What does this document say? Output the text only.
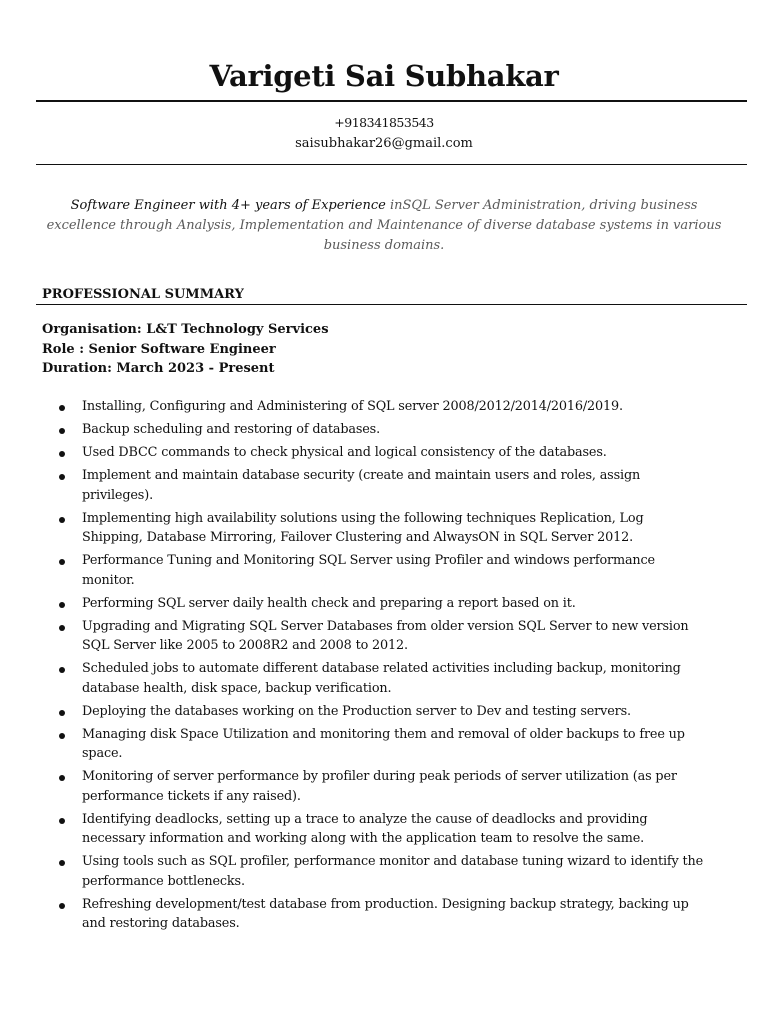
Varigeti Sai Subhakar
+918341853543
saisubhakar26@gmail.com

Software Engineer with 4+ years of Experience inSQL Server Administration, driving business excellence through Analysis, Implementation and Maintenance of diverse database systems in various business domains.

PROFESSIONAL SUMMARY
Organisation: L&T Technology Services
Role : Senior Software Engineer
Duration: March 2023 - Present
Installing, Configuring and Administering of SQL server 2008/2012/2014/2016/2019.
Backup scheduling and restoring of databases.
Used DBCC commands to check physical and logical consistency of the databases.
Implement and maintain database security (create and maintain users and roles, assign privileges).
Implementing high availability solutions using the following techniques Replication, Log Shipping, Database Mirroring, Failover Clustering and AlwaysON in SQL Server 2012.
Performance Tuning and Monitoring SQL Server using Profiler and windows performance monitor.
Performing SQL server daily health check and preparing a report based on it.
Upgrading and Migrating SQL Server Databases from older version SQL Server to new version SQL Server like 2005 to 2008R2 and 2008 to 2012.
Scheduled jobs to automate different database related activities including backup, monitoring database health, disk space, backup verification.
Deploying the databases working on the Production server to Dev and testing servers.
Managing disk Space Utilization and monitoring them and removal of older backups to free up space.
Monitoring of server performance by profiler during peak periods of server utilization (as per performance tickets if any raised).
Identifying deadlocks, setting up a trace to analyze the cause of deadlocks and providing necessary information and working along with the application team to resolve the same.
Using tools such as SQL profiler, performance monitor and database tuning wizard to identify the performance bottlenecks.
Refreshing development/test database from production. Designing backup strategy, backing up and restoring databases.
